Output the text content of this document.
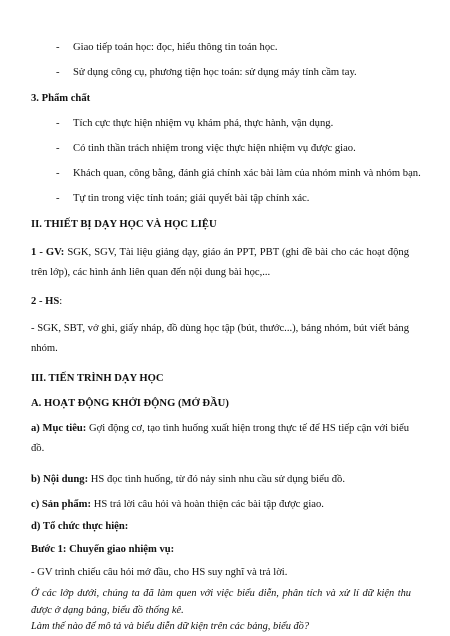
- Giao tiếp toán học: đọc, hiểu thông tin toán học.
- Sử dụng công cụ, phương tiện học toán: sử dụng máy tính cầm tay.
3. Phẩm chất
- Tích cực thực hiện nhiệm vụ khám phá, thực hành, vận dụng.
- Có tinh thần trách nhiệm trong việc thực hiện nhiệm vụ được giao.
- Khách quan, công bằng, đánh giá chính xác bài làm của nhóm mình và nhóm bạn.
- Tự tin trong việc tính toán; giải quyết bài tập chính xác.
II. THIẾT BỊ DẠY HỌC VÀ HỌC LIỆU
1 - GV: SGK, SGV, Tài liệu giảng dạy, giáo án PPT, PBT (ghi đề bài cho các hoạt động trên lớp), các hình ảnh liên quan đến nội dung bài học,...
2 - HS:
- SGK, SBT, vở ghi, giấy nháp, đồ dùng học tập (bút, thước...), bảng nhóm, bút viết bảng nhóm.
III. TIẾN TRÌNH DẠY HỌC
A. HOẠT ĐỘNG KHỞI ĐỘNG (MỞ ĐẦU)
a) Mục tiêu: Gợi động cơ, tạo tình huống xuất hiện trong thực tế để HS tiếp cận với biểu đồ.
b) Nội dung: HS đọc tình huống, từ đó nảy sinh nhu cầu sử dụng biểu đồ.
c) Sản phẩm: HS trả lời câu hỏi và hoàn thiện các bài tập được giao.
d) Tổ chức thực hiện:
Bước 1: Chuyển giao nhiệm vụ:
- GV trình chiếu câu hỏi mở đầu, cho HS suy nghĩ và trả lời.
Ở các lớp dưới, chúng ta đã làm quen với việc biểu diễn, phân tích và xử lí dữ kiện thu được ở dạng bảng, biểu đồ thống kê.
Làm thế nào để mô tả và biểu diễn dữ kiện trên các bảng, biểu đồ?
